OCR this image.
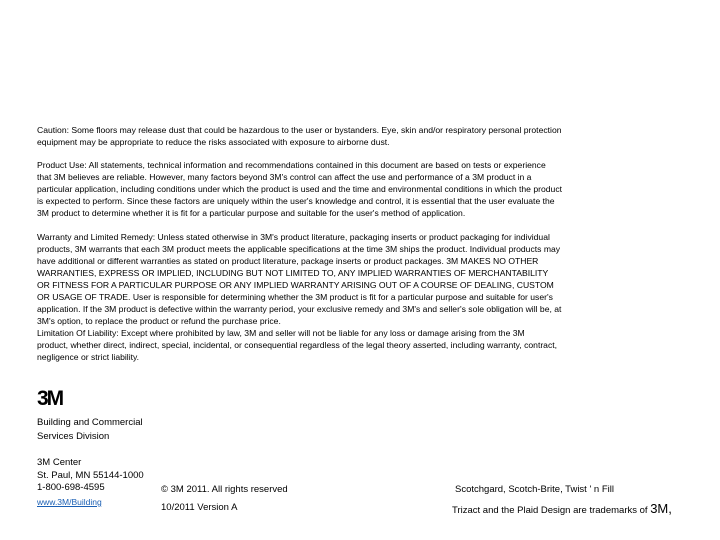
Caution: Some floors may release dust that could be hazardous to the user or bystanders. Eye, skin and/or respiratory personal protection

equipment may be appropriate to reduce the risks associated with exposure to airborne dust.

Product Use: All statements, technical information and recommendations contained in this document are based on tests or experience

that 3M believes are reliable. However, many factors beyond 3M's control can affect the use and performance of a 3M product in a

particular application, including conditions under which the product is used and the time and environmental conditions in which the product

is expected to perform. Since these factors are uniquely within the user's knowledge and control, it is essential that the user evaluate the

3M product to determine whether it is fit for a particular purpose and suitable for the user's method of application.

Warranty and Limited Remedy: Unless stated otherwise in 3M's product literature, packaging inserts or product packaging for individual

products, 3M warrants that each 3M product meets the applicable specifications at the time 3M ships the product. Individual products may

have additional or different warranties as stated on product literature, package inserts or product packages. 3M MAKES NO OTHER

WARRANTIES, EXPRESS OR IMPLIED, INCLUDING BUT NOT LIMITED TO, ANY IMPLIED WARRANTIES OF MERCHANTABILITY

OR FITNESS FOR A PARTICULAR PURPOSE OR ANY IMPLIED WARRANTY ARISING OUT OF A COURSE OF DEALING, CUSTOM

OR USAGE OF TRADE. User is responsible for determining whether the 3M product is fit for a particular purpose and suitable for user's

application. If the 3M product is defective within the warranty period, your exclusive remedy and 3M's and seller's sole obligation will be, at

3M's option, to replace the product or refund the purchase price.

Limitation Of Liability: Except where prohibited by law, 3M and seller will not be liable for any loss or damage arising from the 3M

product, whether direct, indirect, special, incidental, or consequential regardless of the legal theory asserted, including warranty, contract,

negligence or strict liability.

3M
Building and Commercial
Services Division
3M Center
St. Paul, MN 55144-1000
1-800-698-4595
www.3M/Building
© 3M 2011. All rights reserved
10/2011 Version A
Scotchgard, Scotch-Brite, Twist ' n Fill
Trizact and the Plaid Design are trademarks of 3M,
